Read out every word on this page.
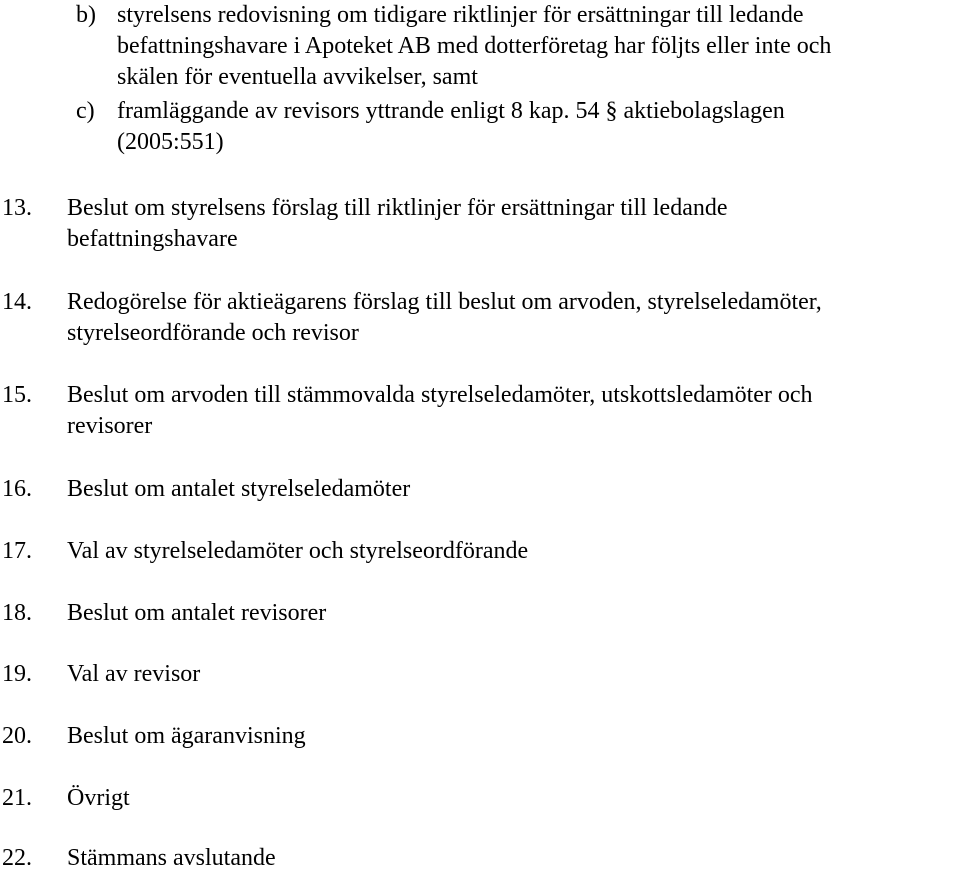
b) styrelsens redovisning om tidigare riktlinjer för ersättningar till ledande
befattningshavare i Apoteket AB med dotterföretag har följts eller inte och
skälen för eventuella avvikelser, samt
c) framläggande av revisors yttrande enligt 8 kap. 54 § aktiebolagslagen
(2005:551)
13. Beslut om styrelsens förslag till riktlinjer för ersättningar till ledande
befattningshavare
14. Redogörelse för aktieägarens förslag till beslut om arvoden, styrelseledamöter,
styrelseordförande och revisor
15. Beslut om arvoden till stämmovalda styrelseledamöter, utskottsledamöter och
revisorer
16. Beslut om antalet styrelseledamöter
17. Val av styrelseledamöter och styrelseordförande
18. Beslut om antalet revisorer
19. Val av revisor
20. Beslut om ägaranvisning
21. Övrigt
22. Stämmans avslutande
